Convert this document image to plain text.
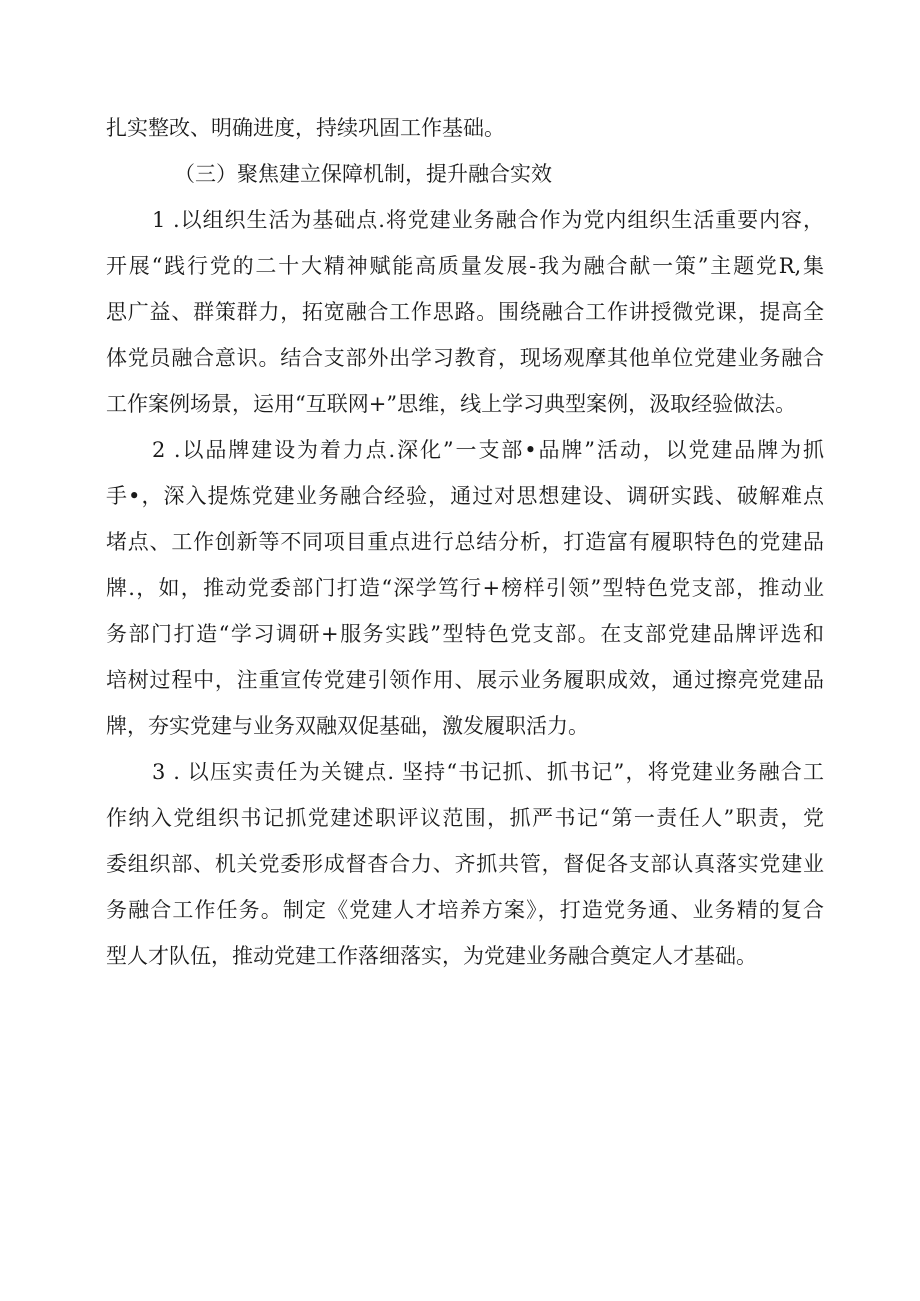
扎实整改、明确进度，持续巩固工作基础。
（三）聚焦建立保障机制，提升融合实效
1 .以组织生活为基础点.将党建业务融合作为党内组织生活重要内容，
开展“践行党的二十大精神赋能高质量发展-我为融合献一策”主题党R,集
思广益、群策群力，拓宽融合工作思路。围绕融合工作讲授微党课，提高全
体党员融合意识。结合支部外出学习教育，现场观摩其他单位党建业务融合
工作案例场景，运用“互联网+”思维，线上学习典型案例，汲取经验做法。
2 .以品牌建设为着力点.深化”一支部•品牌”活动，以党建品牌为抓
手•，深入提炼党建业务融合经验，通过对思想建设、调研实践、破解难点
堵点、工作创新等不同项目重点进行总结分析，打造富有履职特色的党建品
牌.，如，推动党委部门打造“深学笃行+榜样引领”型特色党支部，推动业
务部门打造“学习调研+服务实践”型特色党支部。在支部党建品牌评选和
培树过程中，注重宣传党建引领作用、展示业务履职成效，通过擦亮党建品
牌，夯实党建与业务双融双促基础，激发履职活力。
3 . 以压实责任为关键点. 坚持“书记抓、抓书记”，将党建业务融合工
作纳入党组织书记抓党建述职评议范围，抓严书记“第一责任人”职责，党
委组织部、机关党委形成督杳合力、齐抓共管，督促各支部认真落实党建业
务融合工作任务。制定《党建人才培养方案》，打造党务通、业务精的复合
型人才队伍，推动党建工作落细落实，为党建业务融合奠定人才基础。
